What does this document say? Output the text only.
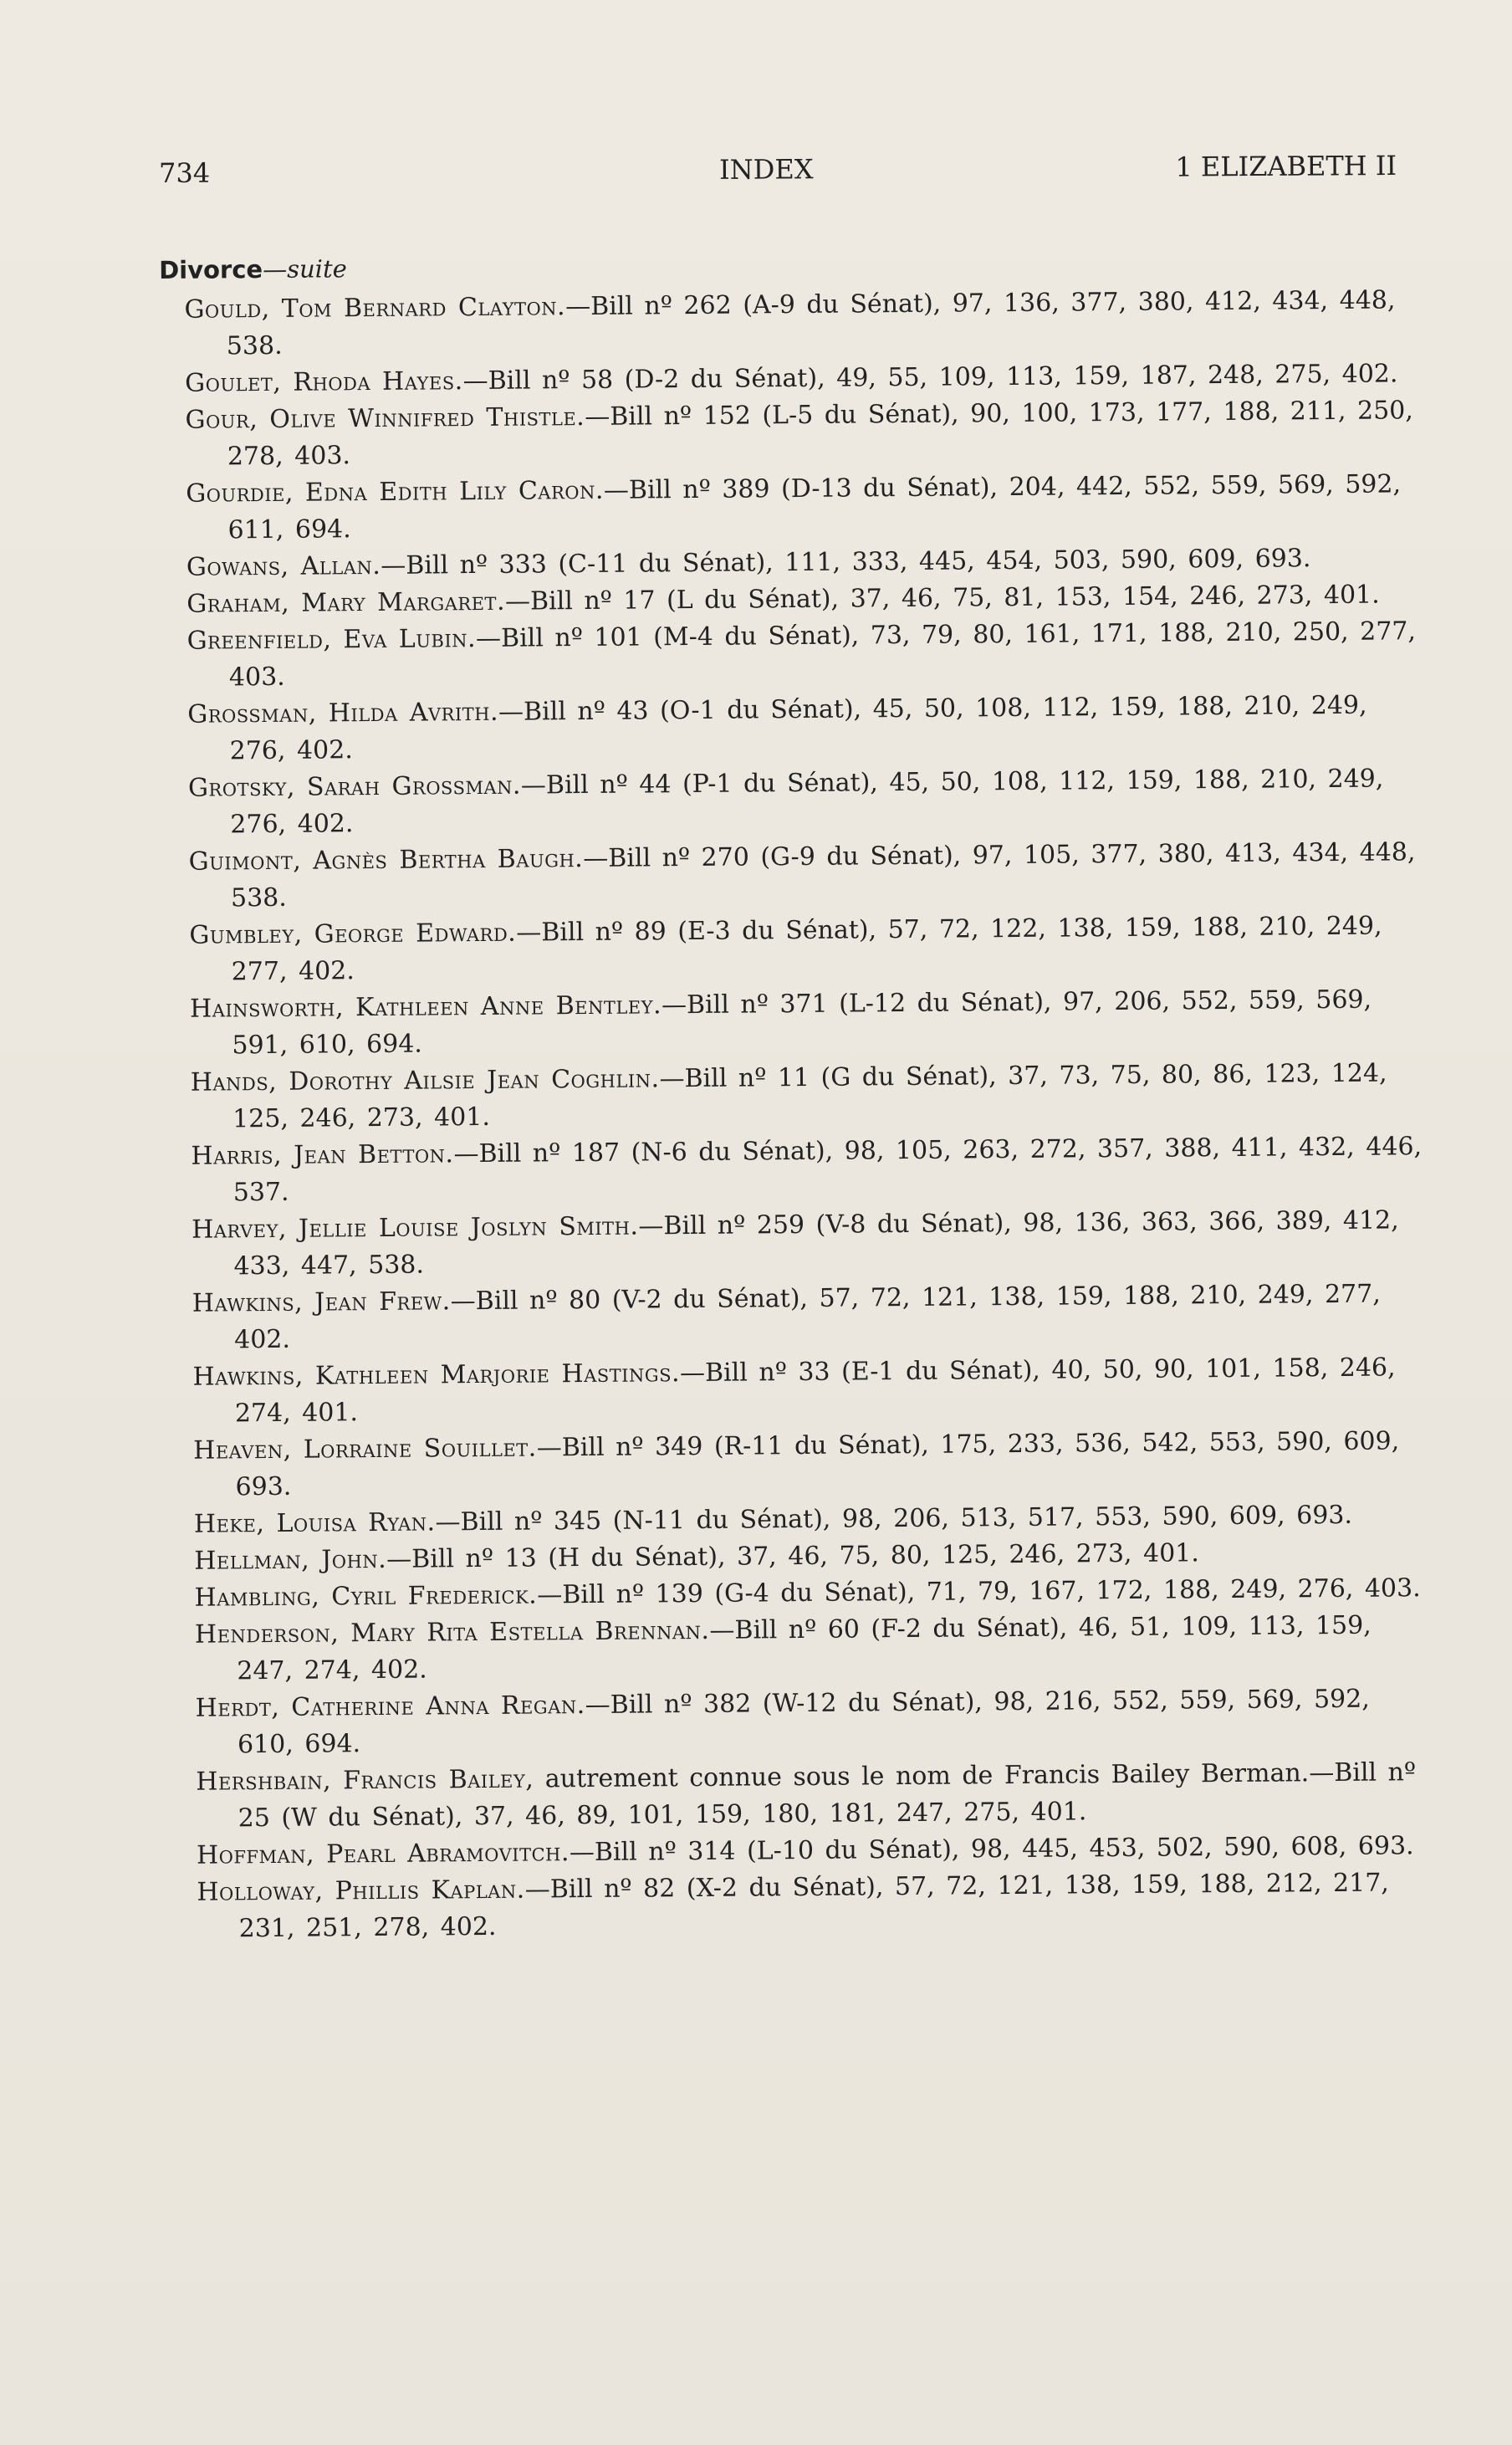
734	INDEX	1 ELIZABETH II
Divorce—suite
Gould, Tom Bernard Clayton.—Bill nº 262 (A-9 du Sénat), 97, 136, 377, 380, 412, 434, 448, 538.
Goulet, Rhoda Hayes.—Bill nº 58 (D-2 du Sénat), 49, 55, 109, 113, 159, 187, 248, 275, 402.
Gour, Olive Winnifred Thistle.—Bill nº 152 (L-5 du Sénat), 90, 100, 173, 177, 188, 211, 250, 278, 403.
Gourdie, Edna Edith Lily Caron.—Bill nº 389 (D-13 du Sénat), 204, 442, 552, 559, 569, 592, 611, 694.
Gowans, Allan.—Bill nº 333 (C-11 du Sénat), 111, 333, 445, 454, 503, 590, 609, 693.
Graham, Mary Margaret.—Bill nº 17 (L du Sénat), 37, 46, 75, 81, 153, 154, 246, 273, 401.
Greenfield, Eva Lubin.—Bill nº 101 (M-4 du Sénat), 73, 79, 80, 161, 171, 188, 210, 250, 277, 403.
Grossman, Hilda Avrith.—Bill nº 43 (O-1 du Sénat), 45, 50, 108, 112, 159, 188, 210, 249, 276, 402.
Grotsky, Sarah Grossman.—Bill nº 44 (P-1 du Sénat), 45, 50, 108, 112, 159, 188, 210, 249, 276, 402.
Guimont, Agnès Bertha Baugh.—Bill nº 270 (G-9 du Sénat), 97, 105, 377, 380, 413, 434, 448, 538.
Gumbley, George Edward.—Bill nº 89 (E-3 du Sénat), 57, 72, 122, 138, 159, 188, 210, 249, 277, 402.
Hainsworth, Kathleen Anne Bentley.—Bill nº 371 (L-12 du Sénat), 97, 206, 552, 559, 569, 591, 610, 694.
Hands, Dorothy Ailsie Jean Coghlin.—Bill nº 11 (G du Sénat), 37, 73, 75, 80, 86, 123, 124, 125, 246, 273, 401.
Harris, Jean Betton.—Bill nº 187 (N-6 du Sénat), 98, 105, 263, 272, 357, 388, 411, 432, 446, 537.
Harvey, Jellie Louise Joslyn Smith.—Bill nº 259 (V-8 du Sénat), 98, 136, 363, 366, 389, 412, 433, 447, 538.
Hawkins, Jean Frew.—Bill nº 80 (V-2 du Sénat), 57, 72, 121, 138, 159, 188, 210, 249, 277, 402.
Hawkins, Kathleen Marjorie Hastings.—Bill nº 33 (E-1 du Sénat), 40, 50, 90, 101, 158, 246, 274, 401.
Heaven, Lorraine Souillet.—Bill nº 349 (R-11 du Sénat), 175, 233, 536, 542, 553, 590, 609, 693.
Heke, Louisa Ryan.—Bill nº 345 (N-11 du Sénat), 98, 206, 513, 517, 553, 590, 609, 693.
Hellman, John.—Bill nº 13 (H du Sénat), 37, 46, 75, 80, 125, 246, 273, 401.
Hambling, Cyril Frederick.—Bill nº 139 (G-4 du Sénat), 71, 79, 167, 172, 188, 249, 276, 403.
Henderson, Mary Rita Estella Brennan.—Bill nº 60 (F-2 du Sénat), 46, 51, 109, 113, 159, 247, 274, 402.
Herdt, Catherine Anna Regan.—Bill nº 382 (W-12 du Sénat), 98, 216, 552, 559, 569, 592, 610, 694.
Hershbain, Francis Bailey, autrement connue sous le nom de Francis Bailey Berman.—Bill nº 25 (W du Sénat), 37, 46, 89, 101, 159, 180, 181, 247, 275, 401.
Hoffman, Pearl Abramovitch.—Bill nº 314 (L-10 du Sénat), 98, 445, 453, 502, 590, 608, 693.
Holloway, Phillis Kaplan.—Bill nº 82 (X-2 du Sénat), 57, 72, 121, 138, 159, 188, 212, 217, 231, 251, 278, 402.
